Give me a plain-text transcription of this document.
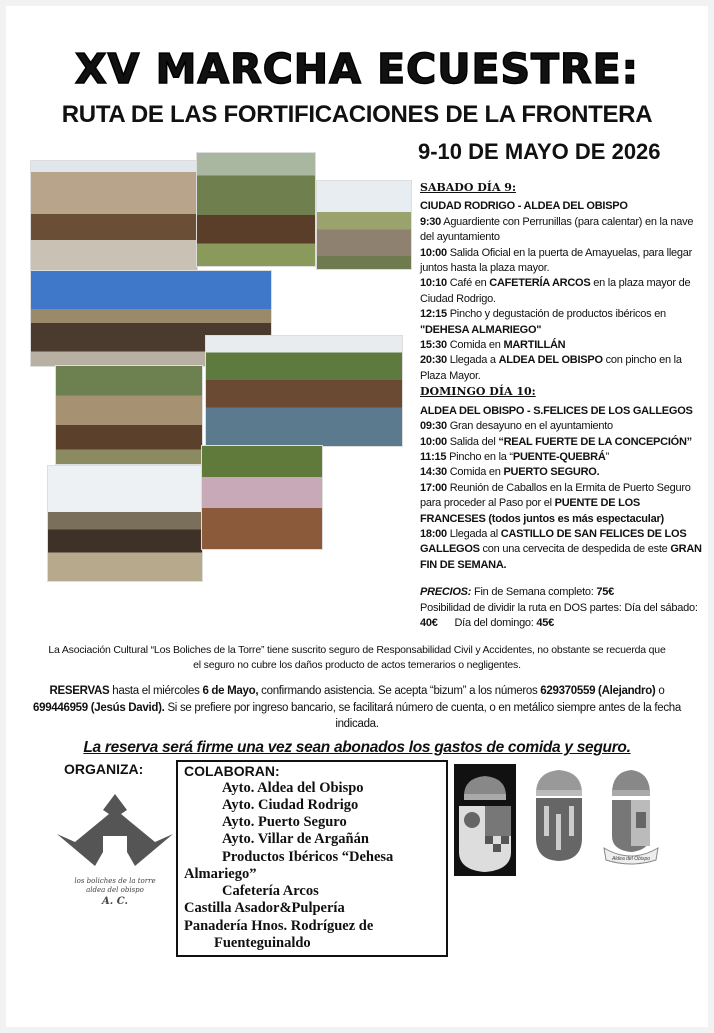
XV MARCHA ECUESTRE:
RUTA DE LAS FORTIFICACIONES DE LA FRONTERA
9-10 DE MAYO DE 2026

SABADO DÍA 9:

CIUDAD RODRIGO - ALDEA DEL OBISPO

9:30 Aguardiente con Perrunillas (para calentar) en la nave del ayuntamiento

10:00 Salida Oficial en la puerta de Amayuelas, para llegar juntos hasta la plaza mayor.

10:10 Café en CAFETERÍA ARCOS en la plaza mayor de Ciudad Rodrigo.

12:15 Pincho y degustación de productos ibéricos en "DEHESA ALMARIEGO"

15:30 Comida en MARTILLÁN

20:30 Llegada a ALDEA DEL OBISPO con pincho en la Plaza Mayor.

DOMINGO DÍA 10:

ALDEA DEL OBISPO - S.FELICES DE LOS GALLEGOS

09:30 Gran desayuno en el ayuntamiento

10:00 Salida del “REAL FUERTE DE LA CONCEPCIÓN”

11:15 Pincho en la “PUENTE-QUEBRÁ”

14:30 Comida en PUERTO SEGURO.

17:00 Reunión de Caballos en la Ermita de Puerto Seguro para proceder al Paso por el PUENTE DE LOS FRANCESES (todos juntos es más espectacular)

18:00 Llegada al CASTILLO DE SAN FELICES DE LOS GALLEGOS con una cervecita de despedida de este GRAN FIN DE SEMANA.

PRECIOS: Fin de Semana completo: 75€

Posibilidad de dividir la ruta en DOS partes: Día del sábado: 40€      Día del domingo: 45€

La Asociación Cultural “Los Boliches de la Torre” tiene suscrito seguro de Responsabilidad Civil y Accidentes, no obstante se recuerda que el seguro no cubre los daños producto de actos temerarios o negligentes.
RESERVAS hasta el miércoles 6 de Mayo, confirmando asistencia. Se acepta “bizum” a los números 629370559 (Alejandro) o 699446959 (Jesús David). Si se prefiere por ingreso bancario, se facilitará número de cuenta, o en metálico siempre antes de la fecha indicada.
La reserva será firme una vez sean abonados los gastos de comida y seguro.
ORGANIZA:
los boliches de la torre
aldea del obispo
A. C.
COLABORAN:
Ayto. Aldea del Obispo
Ayto. Ciudad Rodrigo
Ayto. Puerto Seguro
Ayto. Villar de Argañán
Productos Ibéricos “Dehesa
Almariego”
Cafetería Arcos
Castilla Asador&Pulpería
Panadería Hnos. Rodríguez de
Fuenteguinaldo
Aldea del Obispo
